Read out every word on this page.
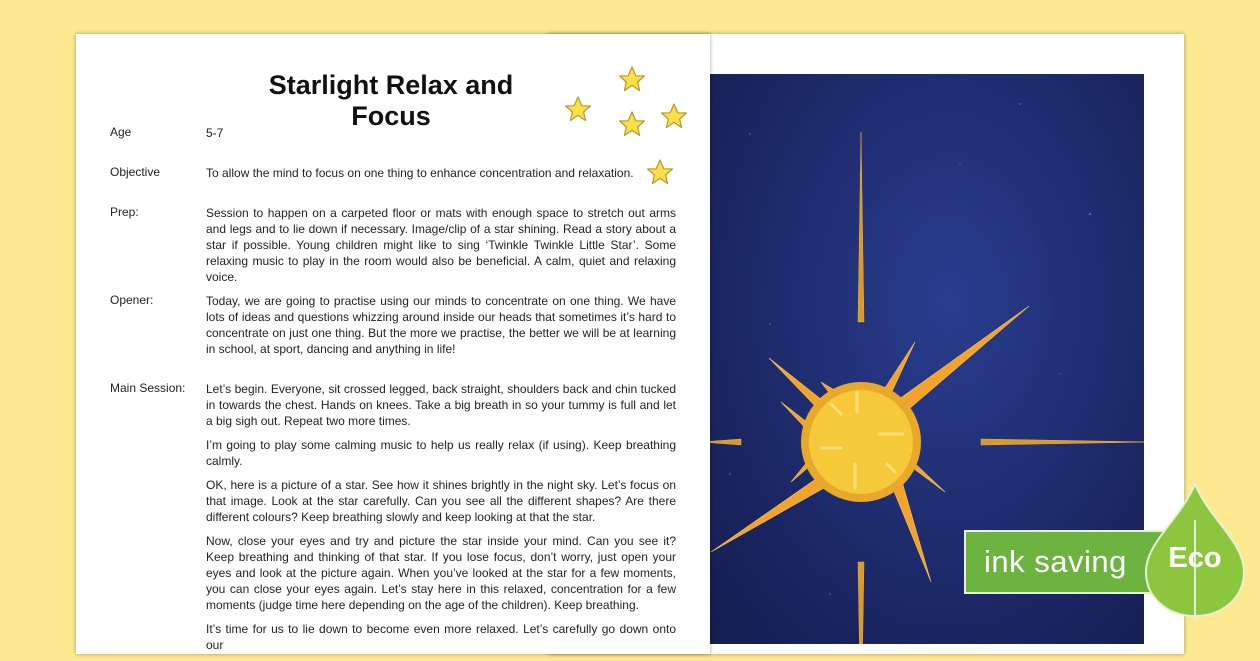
Starlight Relax and Focus
Age	5-7

Objective	To allow the mind to focus on one thing to enhance concentration and relaxation.

Prep:	Session to happen on a carpeted floor or mats with enough space to stretch out arms and legs and to lie down if necessary. Image/clip of a star shining. Read a story about a star if possible. Young children might like to sing ‘Twinkle Twinkle Little Star’. Some relaxing music to play in the room would also be beneficial. A calm, quiet and relaxing voice.

Opener:	Today, we are going to practise using our minds to concentrate on one thing. We have lots of ideas and questions whizzing around inside our heads that sometimes it’s hard to concentrate on just one thing. But the more we practise, the better we will be at learning in school, at sport, dancing and anything in life!

Main Session: Let’s begin. Everyone, sit crossed legged, back straight, shoulders back and chin tucked in towards the chest. Hands on knees. Take a big breath in so your tummy is full and let a big sigh out. Repeat two more times.

I’m going to play some calming music to help us really relax (if using). Keep breathing calmly.

OK, here is a picture of a star. See how it shines brightly in the night sky. Let’s focus on that image. Look at the star carefully. Can you see all the different shapes? Are there different colours? Keep breathing slowly and keep looking at that the star.

Now, close your eyes and try and picture the star inside your mind. Can you see it? Keep breathing and thinking of that star. If you lose focus, don’t worry, just open your eyes and look at the picture again. When you’ve looked at the star for a few moments, you can close your eyes again. Let’s stay here in this relaxed, concentration for a few moments (judge time here depending on the age of the children). Keep breathing.

It’s time for us to lie down to become even more relaxed. Let’s carefully go down onto our

ink saving Eco
